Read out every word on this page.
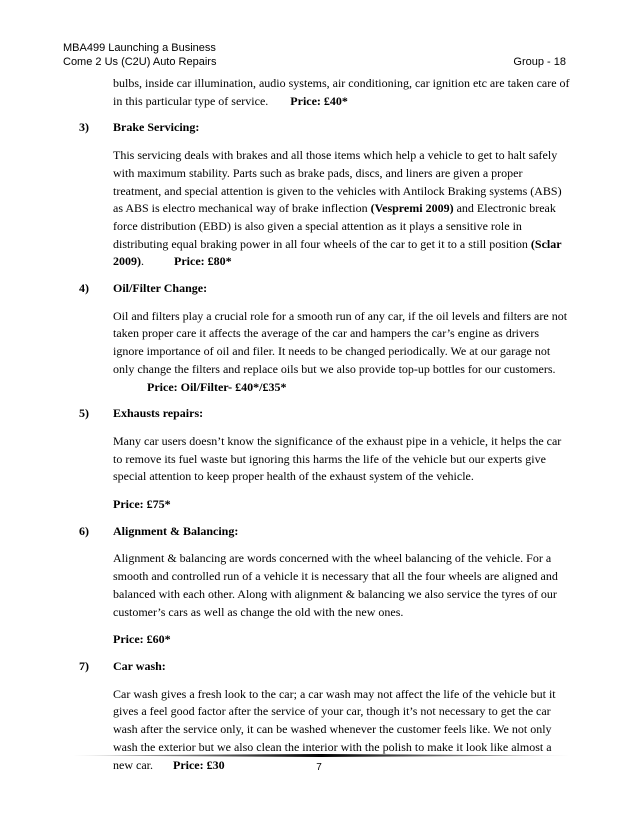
MBA499 Launching a Business
Come 2 Us (C2U) Auto Repairs	Group - 18

bulbs, inside car illumination, audio systems, air conditioning, car ignition etc are taken care of in this particular type of service. Price: £40*

3)	Brake Servicing:

This servicing deals with brakes and all those items which help a vehicle to get to halt safely with maximum stability. Parts such as brake pads, discs, and liners are given a proper treatment, and special attention is given to the vehicles with Antilock Braking systems (ABS) as ABS is electro mechanical way of brake inflection (Vespremi 2009) and Electronic break force distribution (EBD) is also given a special attention as it plays a sensitive role in distributing equal braking power in all four wheels of the car to get it to a still position (Sclar 2009).	Price: £80*

4)	Oil/Filter Change:

Oil and filters play a crucial role for a smooth run of any car, if the oil levels and filters are not taken proper care it affects the average of the car and hampers the car’s engine as drivers ignore importance of oil and filer. It needs to be changed periodically. We at our garage not only change the filters and replace oils but we also provide top-up bottles for our customers.Price: Oil/Filter- £40*/£35*

5)	Exhausts repairs:

Many car users doesn’t know the significance of the exhaust pipe in a vehicle, it helps the car to remove its fuel waste but ignoring this harms the life of the vehicle but our experts give special attention to keep proper health of the exhaust system of the vehicle.

Price: £75*

6)	Alignment & Balancing:

Alignment & balancing are words concerned with the wheel balancing of the vehicle. For a smooth and controlled run of a vehicle it is necessary that all the four wheels are aligned and balanced with each other. Along with alignment & balancing we also service the tyres of our customer’s cars as well as change the old with the new ones.

Price: £60*

7)	Car wash:

Car wash gives a fresh look to the car; a car wash may not affect the life of the vehicle but it gives a feel good factor after the service of your car, though it’s not necessary to get the car wash after the service only, it can be washed whenever the customer feels like. We not only wash the exterior but we also clean the interior with the polish to make it look like almost a new car. Price: £30	7
